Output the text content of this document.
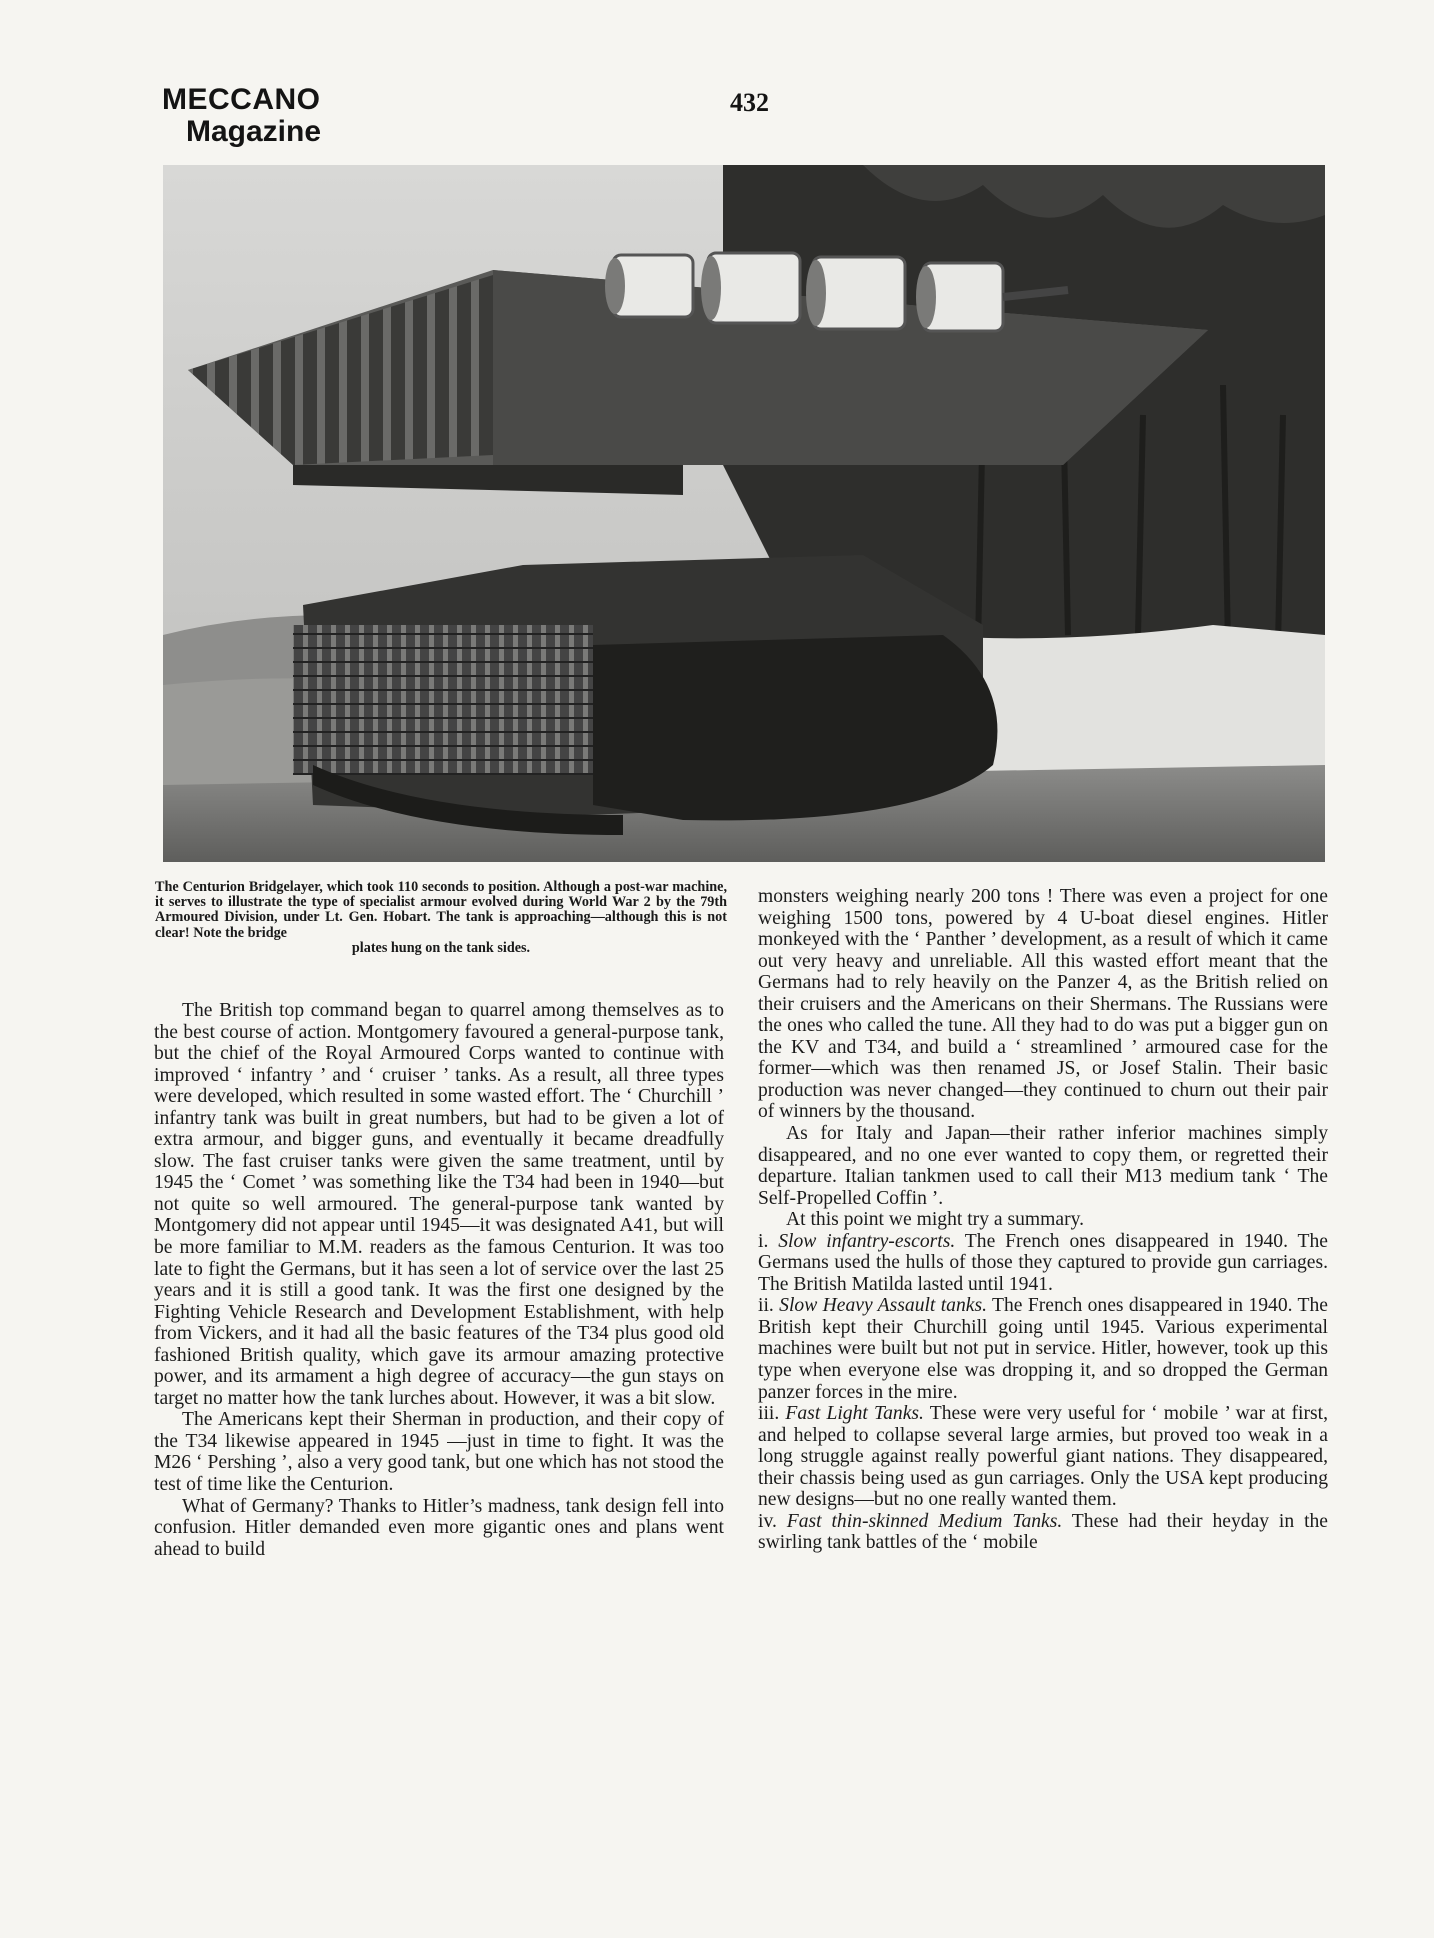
MECCANO
Magazine
432
The Centurion Bridgelayer, which took 110 seconds to position. Although a post-war machine, it serves to illustrate the type of specialist armour evolved during World War 2 by the 79th Armoured Division, under Lt. Gen. Hobart. The tank is approaching—although this is not clear! Note the bridge
plates hung on the tank sides.

The British top command began to quarrel among themselves as to the best course of action. Montgomery favoured a general-purpose tank, but the chief of the Royal Armoured Corps wanted to continue with improved ‘ infantry ’ and ‘ cruiser ’ tanks. As a result, all three types were developed, which resulted in some wasted effort. The ‘ Churchill ’ infantry tank was built in great numbers, but had to be given a lot of extra armour, and bigger guns, and eventually it became dreadfully slow. The fast cruiser tanks were given the same treatment, until by 1945 the ‘ Comet ’ was something like the T34 had been in 1940—but not quite so well armoured. The general-purpose tank wanted by Montgomery did not appear until 1945—it was designated A41, but will be more familiar to M.M. readers as the famous Centurion. It was too late to fight the Germans, but it has seen a lot of service over the last 25 years and it is still a good tank. It was the first one designed by the Fighting Vehicle Research and Development Establishment, with help from Vickers, and it had all the basic features of the T34 plus good old fashioned British quality, which gave its armour amazing protective power, and its armament a high degree of accuracy—the gun stays on target no matter how the tank lurches about. However, it was a bit slow.

The Americans kept their Sherman in production, and their copy of the T34 likewise appeared in 1945 —just in time to fight. It was the M26 ‘ Pershing ’, also a very good tank, but one which has not stood the test of time like the Centurion.

What of Germany? Thanks to Hitler’s madness, tank design fell into confusion. Hitler demanded even more gigantic ones and plans went ahead to build

monsters weighing nearly 200 tons ! There was even a project for one weighing 1500 tons, powered by 4 U-boat diesel engines. Hitler monkeyed with the ‘ Panther ’ development, as a result of which it came out very heavy and unreliable. All this wasted effort meant that the Germans had to rely heavily on the Panzer 4, as the British relied on their cruisers and the Americans on their Shermans. The Russians were the ones who called the tune. All they had to do was put a bigger gun on the KV and T34, and build a ‘ streamlined ’ armoured case for the former—which was then renamed JS, or Josef Stalin. Their basic production was never changed—they continued to churn out their pair of winners by the thousand.

As for Italy and Japan—their rather inferior machines simply disappeared, and no one ever wanted to copy them, or regretted their departure. Italian tankmen used to call their M13 medium tank ‘ The Self-Propelled Coffin ’.

At this point we might try a summary.

i. Slow infantry-escorts. The French ones disappeared in 1940. The Germans used the hulls of those they captured to provide gun carriages. The British Matilda lasted until 1941.

ii. Slow Heavy Assault tanks. The French ones disappeared in 1940. The British kept their Churchill going until 1945. Various experimental machines were built but not put in service. Hitler, however, took up this type when everyone else was dropping it, and so dropped the German panzer forces in the mire.

iii. Fast Light Tanks. These were very useful for ‘ mobile ’ war at first, and helped to collapse several large armies, but proved too weak in a long struggle against really powerful giant nations. They disappeared, their chassis being used as gun carriages. Only the USA kept producing new designs—but no one really wanted them.

iv. Fast thin-skinned Medium Tanks. These had their heyday in the swirling tank battles of the ‘ mobile
